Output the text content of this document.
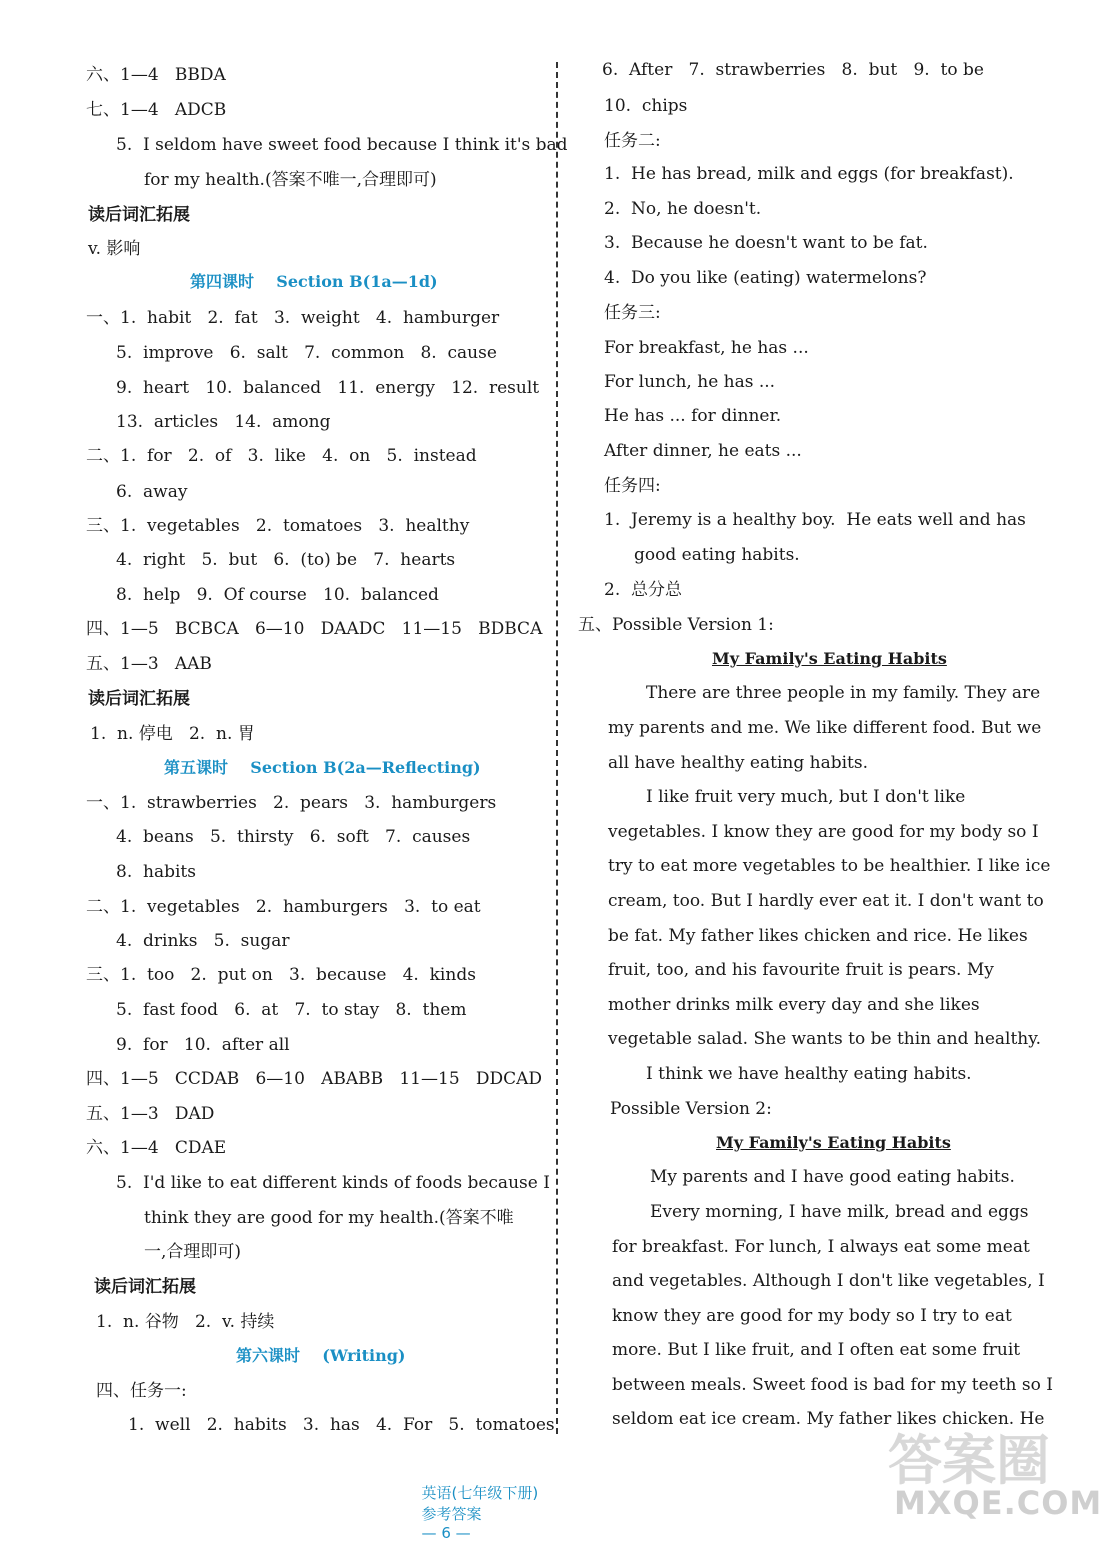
六、1—4   BBDA
七、1—4   ADCB
5.  I seldom have sweet food because I think it's bad
for my health.(答案不唯一,合理即可)
读后词汇拓展
v. 影响
第四课时    Section B(1a—1d)
一、1.  habit   2.  fat   3.  weight   4.  hamburger
5.  improve   6.  salt   7.  common   8.  cause
9.  heart   10.  balanced   11.  energy   12.  result
13.  articles   14.  among
二、1.  for   2.  of   3.  like   4.  on   5.  instead
6.  away
三、1.  vegetables   2.  tomatoes   3.  healthy
4.  right   5.  but   6.  (to) be   7.  hearts
8.  help   9.  Of course   10.  balanced
四、1—5   BCBCA   6—10   DAADC   11—15   BDBCA
五、1—3   AAB
读后词汇拓展
1.  n. 停电   2.  n. 胃
第五课时    Section B(2a—Reflecting)
一、1.  strawberries   2.  pears   3.  hamburgers
4.  beans   5.  thirsty   6.  soft   7.  causes
8.  habits
二、1.  vegetables   2.  hamburgers   3.  to eat
4.  drinks   5.  sugar
三、1.  too   2.  put on   3.  because   4.  kinds
5.  fast food   6.  at   7.  to stay   8.  them
9.  for   10.  after all
四、1—5   CCDAB   6—10   ABABB   11—15   DDCAD
五、1—3   DAD
六、1—4   CDAE
5.  I'd like to eat different kinds of foods because I
think they are good for my health.(答案不唯
一,合理即可)
读后词汇拓展
1.  n. 谷物   2.  v. 持续
第六课时    (Writing)
四、任务一:
1.  well   2.  habits   3.  has   4.  For   5.  tomatoes
6.  After   7.  strawberries   8.  but   9.  to be
10.  chips
任务二:
1.  He has bread, milk and eggs (for breakfast).
2.  No, he doesn't.
3.  Because he doesn't want to be fat.
4.  Do you like (eating) watermelons?
任务三:
For breakfast, he has ...
For lunch, he has ...
He has ... for dinner.
After dinner, he eats ...
任务四:
1.  Jeremy is a healthy boy.  He eats well and has
good eating habits.
2.  总分总
五、Possible Version 1:
My Family's Eating Habits
There are three people in my family. They are
my parents and me. We like different food. But we
all have healthy eating habits.
I like fruit very much, but I don't like
vegetables. I know they are good for my body so I
try to eat more vegetables to be healthier. I like ice
cream, too. But I hardly ever eat it. I don't want to
be fat. My father likes chicken and rice. He likes
fruit, too, and his favourite fruit is pears. My
mother drinks milk every day and she likes
vegetable salad. She wants to be thin and healthy.
I think we have healthy eating habits.
Possible Version 2:
My Family's Eating Habits
My parents and I have good eating habits.
Every morning, I have milk, bread and eggs
for breakfast. For lunch, I always eat some meat
and vegetables. Although I don't like vegetables, I
know they are good for my body so I try to eat
more. But I like fruit, and I often eat some fruit
between meals. Sweet food is bad for my teeth so I
seldom eat ice cream. My father likes chicken. He

英语(七年级下册)
参考答案
— 6 —

答案圈
MXQE.COM
